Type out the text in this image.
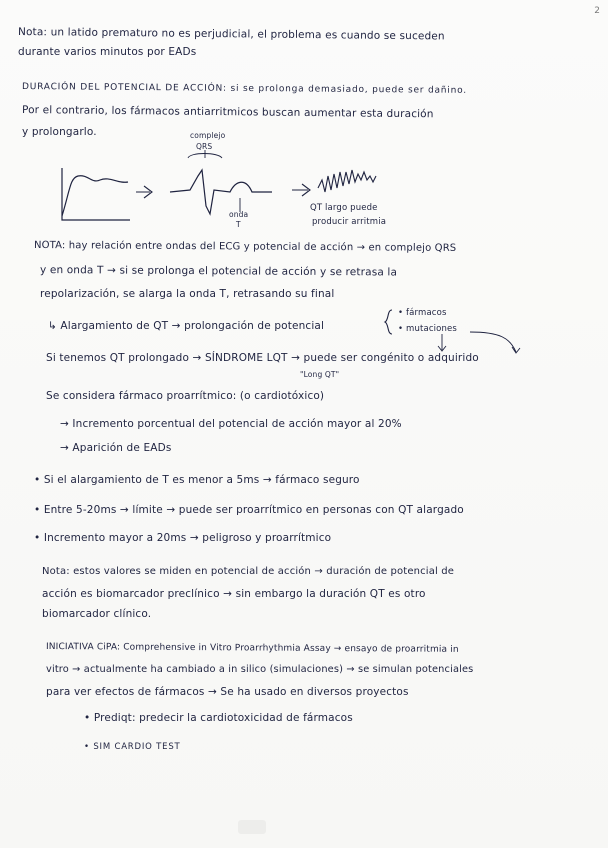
2
Nota: un latido prematuro no es perjudicial, el problema es cuando se suceden
durante varios minutos por EADs
DURACIÓN DEL POTENCIAL DE ACCIÓN: si se prolonga demasiado, puede ser dañino.
Por el contrario, los fármacos antiarritmicos buscan aumentar esta duración
y prolongarlo.	complejo
QRS
onda
T
QT largo puede
producir arritmia
NOTA: hay relación entre ondas del ECG y potencial de acción → en complejo QRS
y en onda T → si se prolonga el potencial de acción y se retrasa la
repolarización, se alarga la onda T, retrasando su final
↳ Alargamiento de QT → prolongación de potencial
• fármacos
• mutaciones
Si tenemos QT prolongado → SÍNDROME LQT → puede ser congénito o adquirido
"Long QT"
Se considera fármaco proarrítmico: (o cardiotóxico)
→ Incremento porcentual del potencial de acción mayor al 20%
→ Aparición de EADs
• Si el alargamiento de T es menor a 5ms → fármaco seguro
• Entre 5-20ms → límite → puede ser proarrítmico en personas con QT alargado
• Incremento mayor a 20ms → peligroso y proarrítmico
Nota: estos valores se miden en potencial de acción → duración de potencial de
acción es biomarcador preclínico → sin embargo la duración QT es otro
biomarcador clínico.
INICIATIVA CiPA: Comprehensive in Vitro Proarrhythmia Assay → ensayo de proarritmia in
vitro → actualmente ha cambiado a in silico (simulaciones) → se simulan potenciales
para ver efectos de fármacos → Se ha usado en diversos proyectos
• Prediqt: predecir la cardiotoxicidad de fármacos
• SIM CARDIO TEST
